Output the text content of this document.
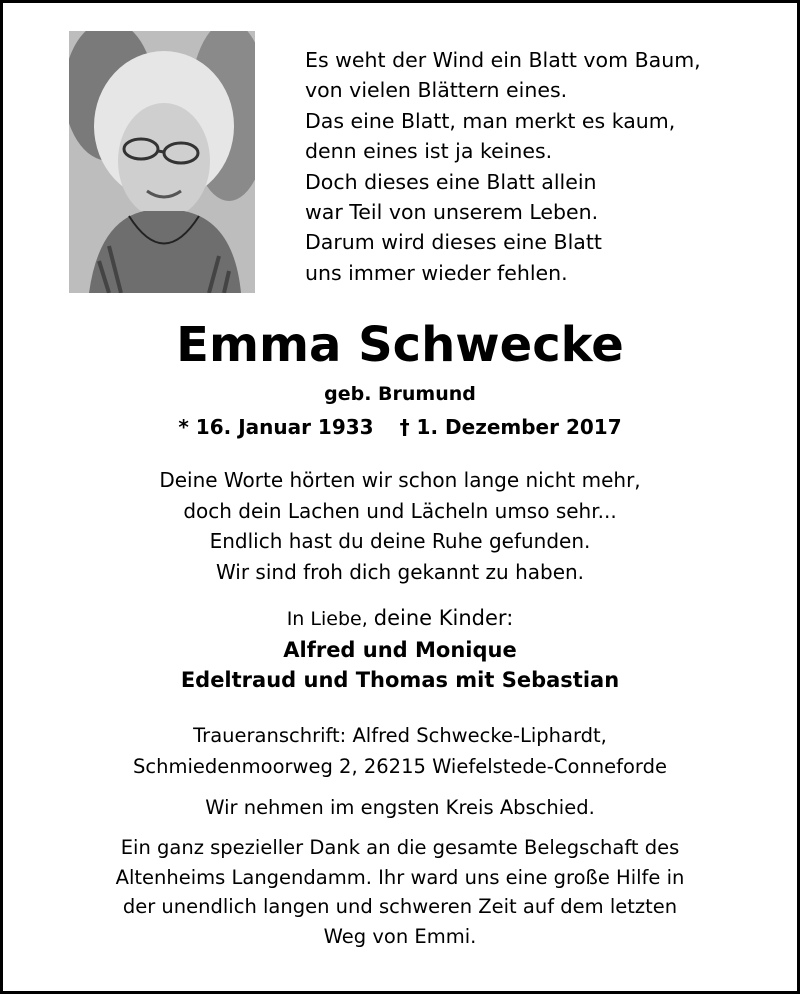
Es weht der Wind ein Blatt vom Baum,
von vielen Blättern eines.
Das eine Blatt, man merkt es kaum,
denn eines ist ja keines.
Doch dieses eine Blatt allein
war Teil von unserem Leben.
Darum wird dieses eine Blatt
uns immer wieder fehlen.
Emma Schwecke
geb. Brumund
* 16. Januar 1933 † 1. Dezember 2017
Deine Worte hörten wir schon lange nicht mehr,
doch dein Lachen und Lächeln umso sehr...
Endlich hast du deine Ruhe gefunden.
Wir sind froh dich gekannt zu haben.
In Liebe, deine Kinder:
Alfred und Monique
Edeltraud und Thomas mit Sebastian
Traueranschrift: Alfred Schwecke-Liphardt,
Schmiedenmoorweg 2, 26215 Wiefelstede-Conneforde
Wir nehmen im engsten Kreis Abschied.
Ein ganz spezieller Dank an die gesamte Belegschaft des
Altenheims Langendamm. Ihr ward uns eine große Hilfe in
der unendlich langen und schweren Zeit auf dem letzten
Weg von Emmi.
